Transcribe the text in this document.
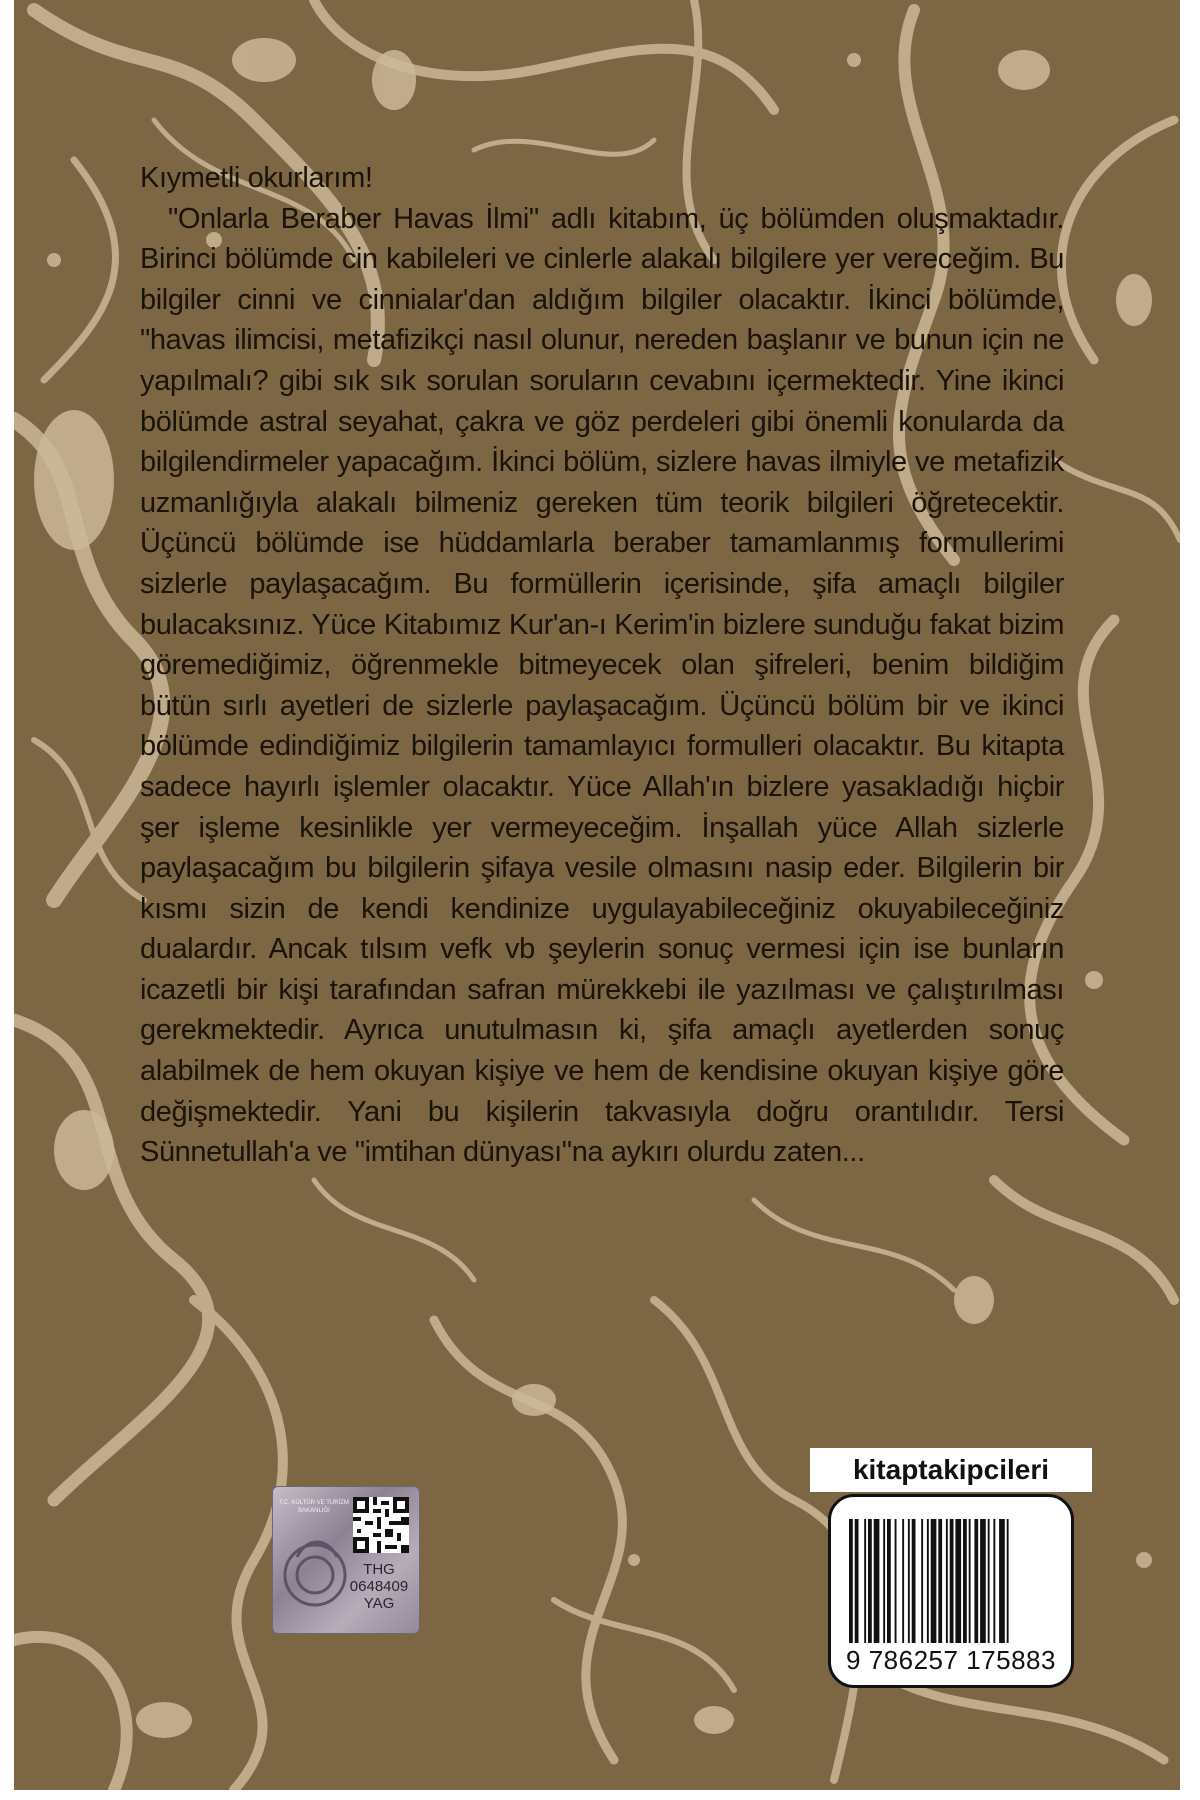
Kıymetli okurlarım!

"Onlarla Beraber Havas İlmi" adlı kitabım, üç bölümden oluşmaktadır. Birinci bölümde cin kabileleri ve cinlerle alakalı bilgilere yer vereceğim. Bu bilgiler cinni ve cinnialar'dan aldığım bilgiler olacaktır. İkinci bölümde, "havas ilimcisi, metafizikçi nasıl olunur, nereden başlanır ve bunun için ne yapılmalı? gibi sık sık sorulan soruların cevabını içermektedir. Yine ikinci bölümde astral seyahat, çakra ve göz perdeleri gibi önemli konularda da bilgilendirmeler yapacağım. İkinci bölüm, sizlere havas ilmiyle ve metafizik uzmanlığıyla alakalı bilmeniz gereken tüm teorik bilgileri öğretecektir. Üçüncü bölümde ise hüddamlarla beraber tamamlanmış formullerimi sizlerle paylaşacağım. Bu formüllerin içerisinde, şifa amaçlı bilgiler bulacaksınız. Yüce Kitabımız Kur'an-ı Kerim'in bizlere sunduğu fakat bizim göremediğimiz, öğrenmekle bitmeyecek olan şifreleri, benim bildiğim bütün sırlı ayetleri de sizlerle paylaşacağım. Üçüncü bölüm bir ve ikinci bölümde edindiğimiz bilgilerin tamamlayıcı formulleri olacaktır. Bu kitapta sadece hayırlı işlemler olacaktır. Yüce Allah'ın bizlere yasakladığı hiçbir şer işleme kesinlikle yer vermeyeceğim. İnşallah yüce Allah sizlerle paylaşacağım bu bilgilerin şifaya vesile olmasını nasip eder. Bilgilerin bir kısmı sizin de kendi kendinize uygulayabileceğiniz okuyabileceğiniz dualardır. Ancak tılsım vefk vb şeylerin sonuç vermesi için ise bunların icazetli bir kişi tarafından safran mürekkebi ile yazılması ve çalıştırılması gerekmektedir. Ayrıca unutulmasın ki, şifa amaçlı ayetlerden sonuç alabilmek de hem okuyan kişiye ve hem de kendisine okuyan kişiye göre değişmektedir. Yani bu kişilerin takvasıyla doğru orantılıdır. Tersi Sünnetullah'a ve "imtihan dünyası"na aykırı olurdu zaten...

T.C. KÜLTÜR VE TURİZM BAKANLIĞI
THG
0648409
YAG
kitaptakipcileri
9 786257 175883
